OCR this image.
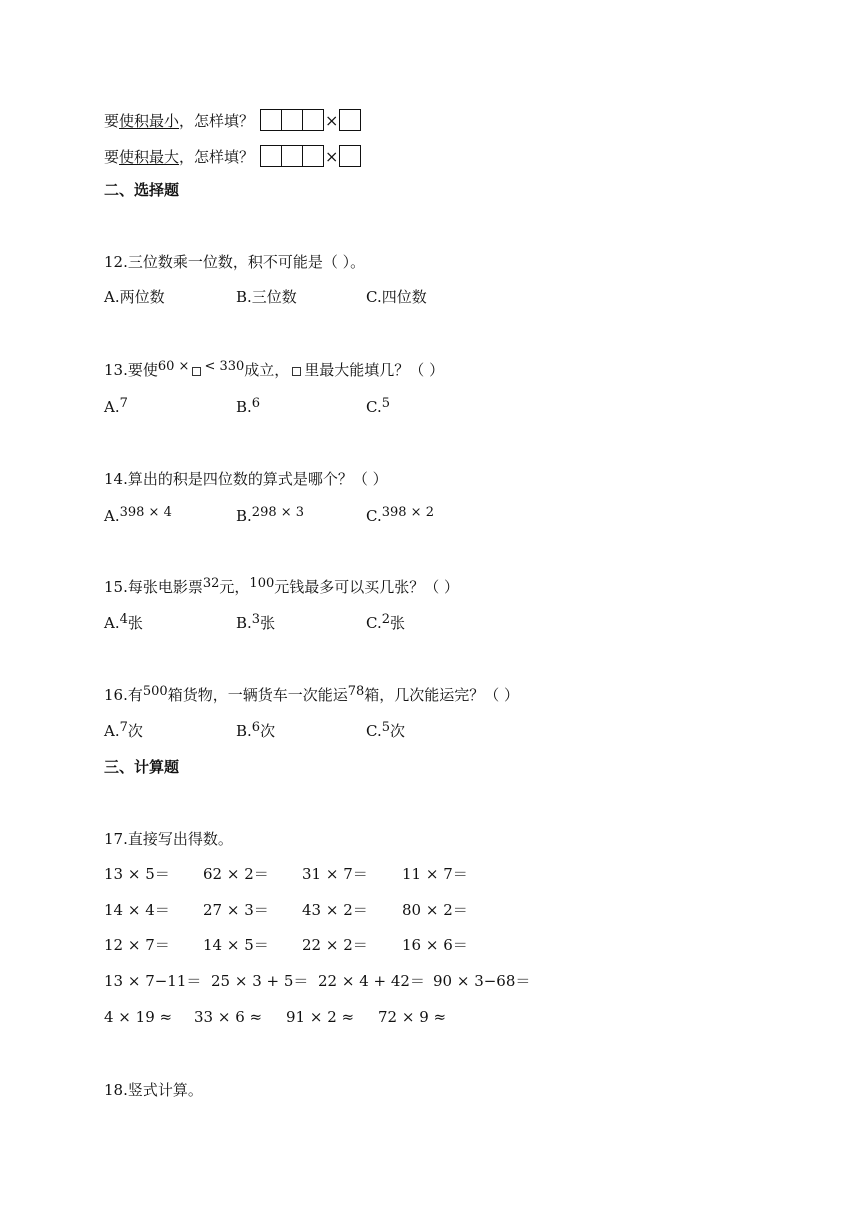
要 使积最小 ，怎样填？	×
要 使积最大 ，怎样填？	×
二、选择题
12.三位数乘一位数，积不可能是（ ）。
A.两位数	B.三位数	C.四位数
13.要使60 × < 330成立， 里最大能填几？（ ）
A.7	B.6	C.5
14.算出的积是四位数的算式是哪个？（ ）
A.398 × 4	B.298 × 3	C.398 × 2
15.每张电影票32元，100元钱最多可以买几张？（ ）
A.4张	B.3张	C.2张
16.有500箱货物，一辆货车一次能运78箱，几次能运完？（ ）
A.7次	B.6次	C.5次
三、计算题
17.直接写出得数。
13 × 5＝ 62 × 2＝ 31 × 7＝ 11 × 7＝
14 × 4＝ 27 × 3＝ 43 × 2＝ 80 × 2＝
12 × 7＝ 14 × 5＝ 22 × 2＝ 16 × 6＝
13 × 7−11＝ 25 × 3 + 5＝ 22 × 4 + 42＝ 90 × 3−68＝
4 × 19 ≈ 33 × 6 ≈ 91 × 2 ≈ 72 × 9 ≈
18.竖式计算。
